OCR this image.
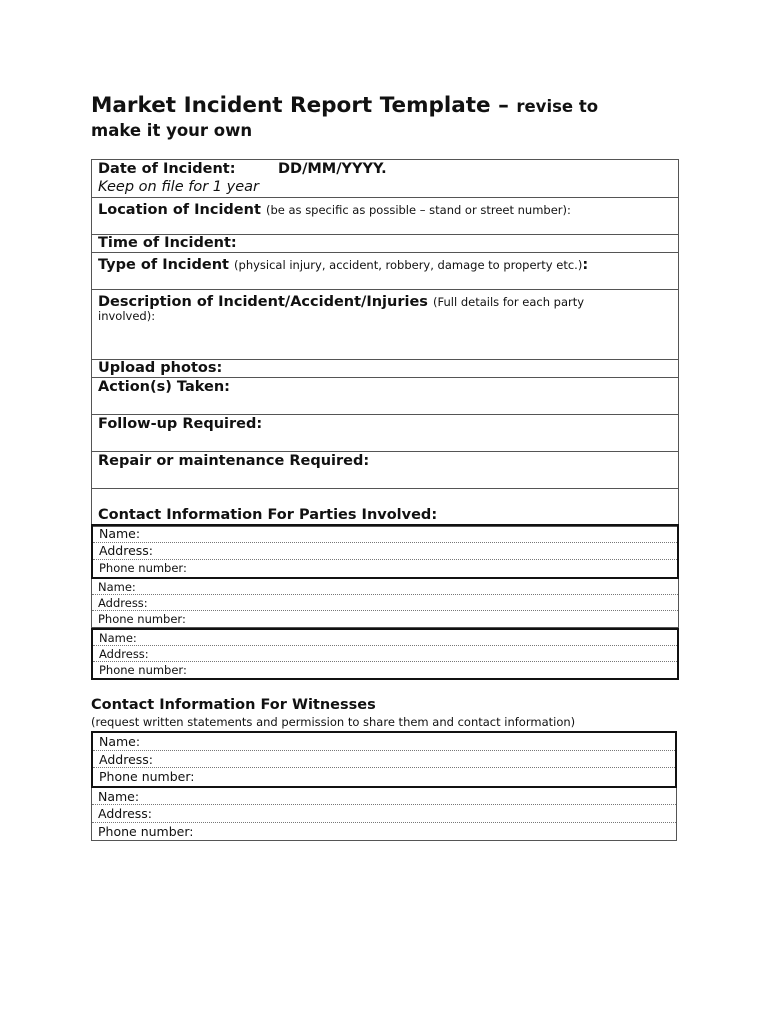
Market Incident Report Template – revise to
make it your own
Date of Incident:	DD/MM/YYYY.
Keep on file for 1 year
Location of Incident (be as specific as possible – stand or street number):
Time of Incident:
Type of Incident (physical injury, accident, robbery, damage to property etc.):
Description of Incident/Accident/Injuries (Full details for each party
involved):
Upload photos:
Action(s) Taken:
Follow-up Required:
Repair or maintenance Required:
Contact Information For Parties Involved:
Name:
Address:
Phone number:
Name:
Address:
Phone number:
Name:
Address:
Phone number:
Contact Information For Witnesses
(request written statements and permission to share them and contact information)
Name:
Address:
Phone number:
Name:
Address:
Phone number:
